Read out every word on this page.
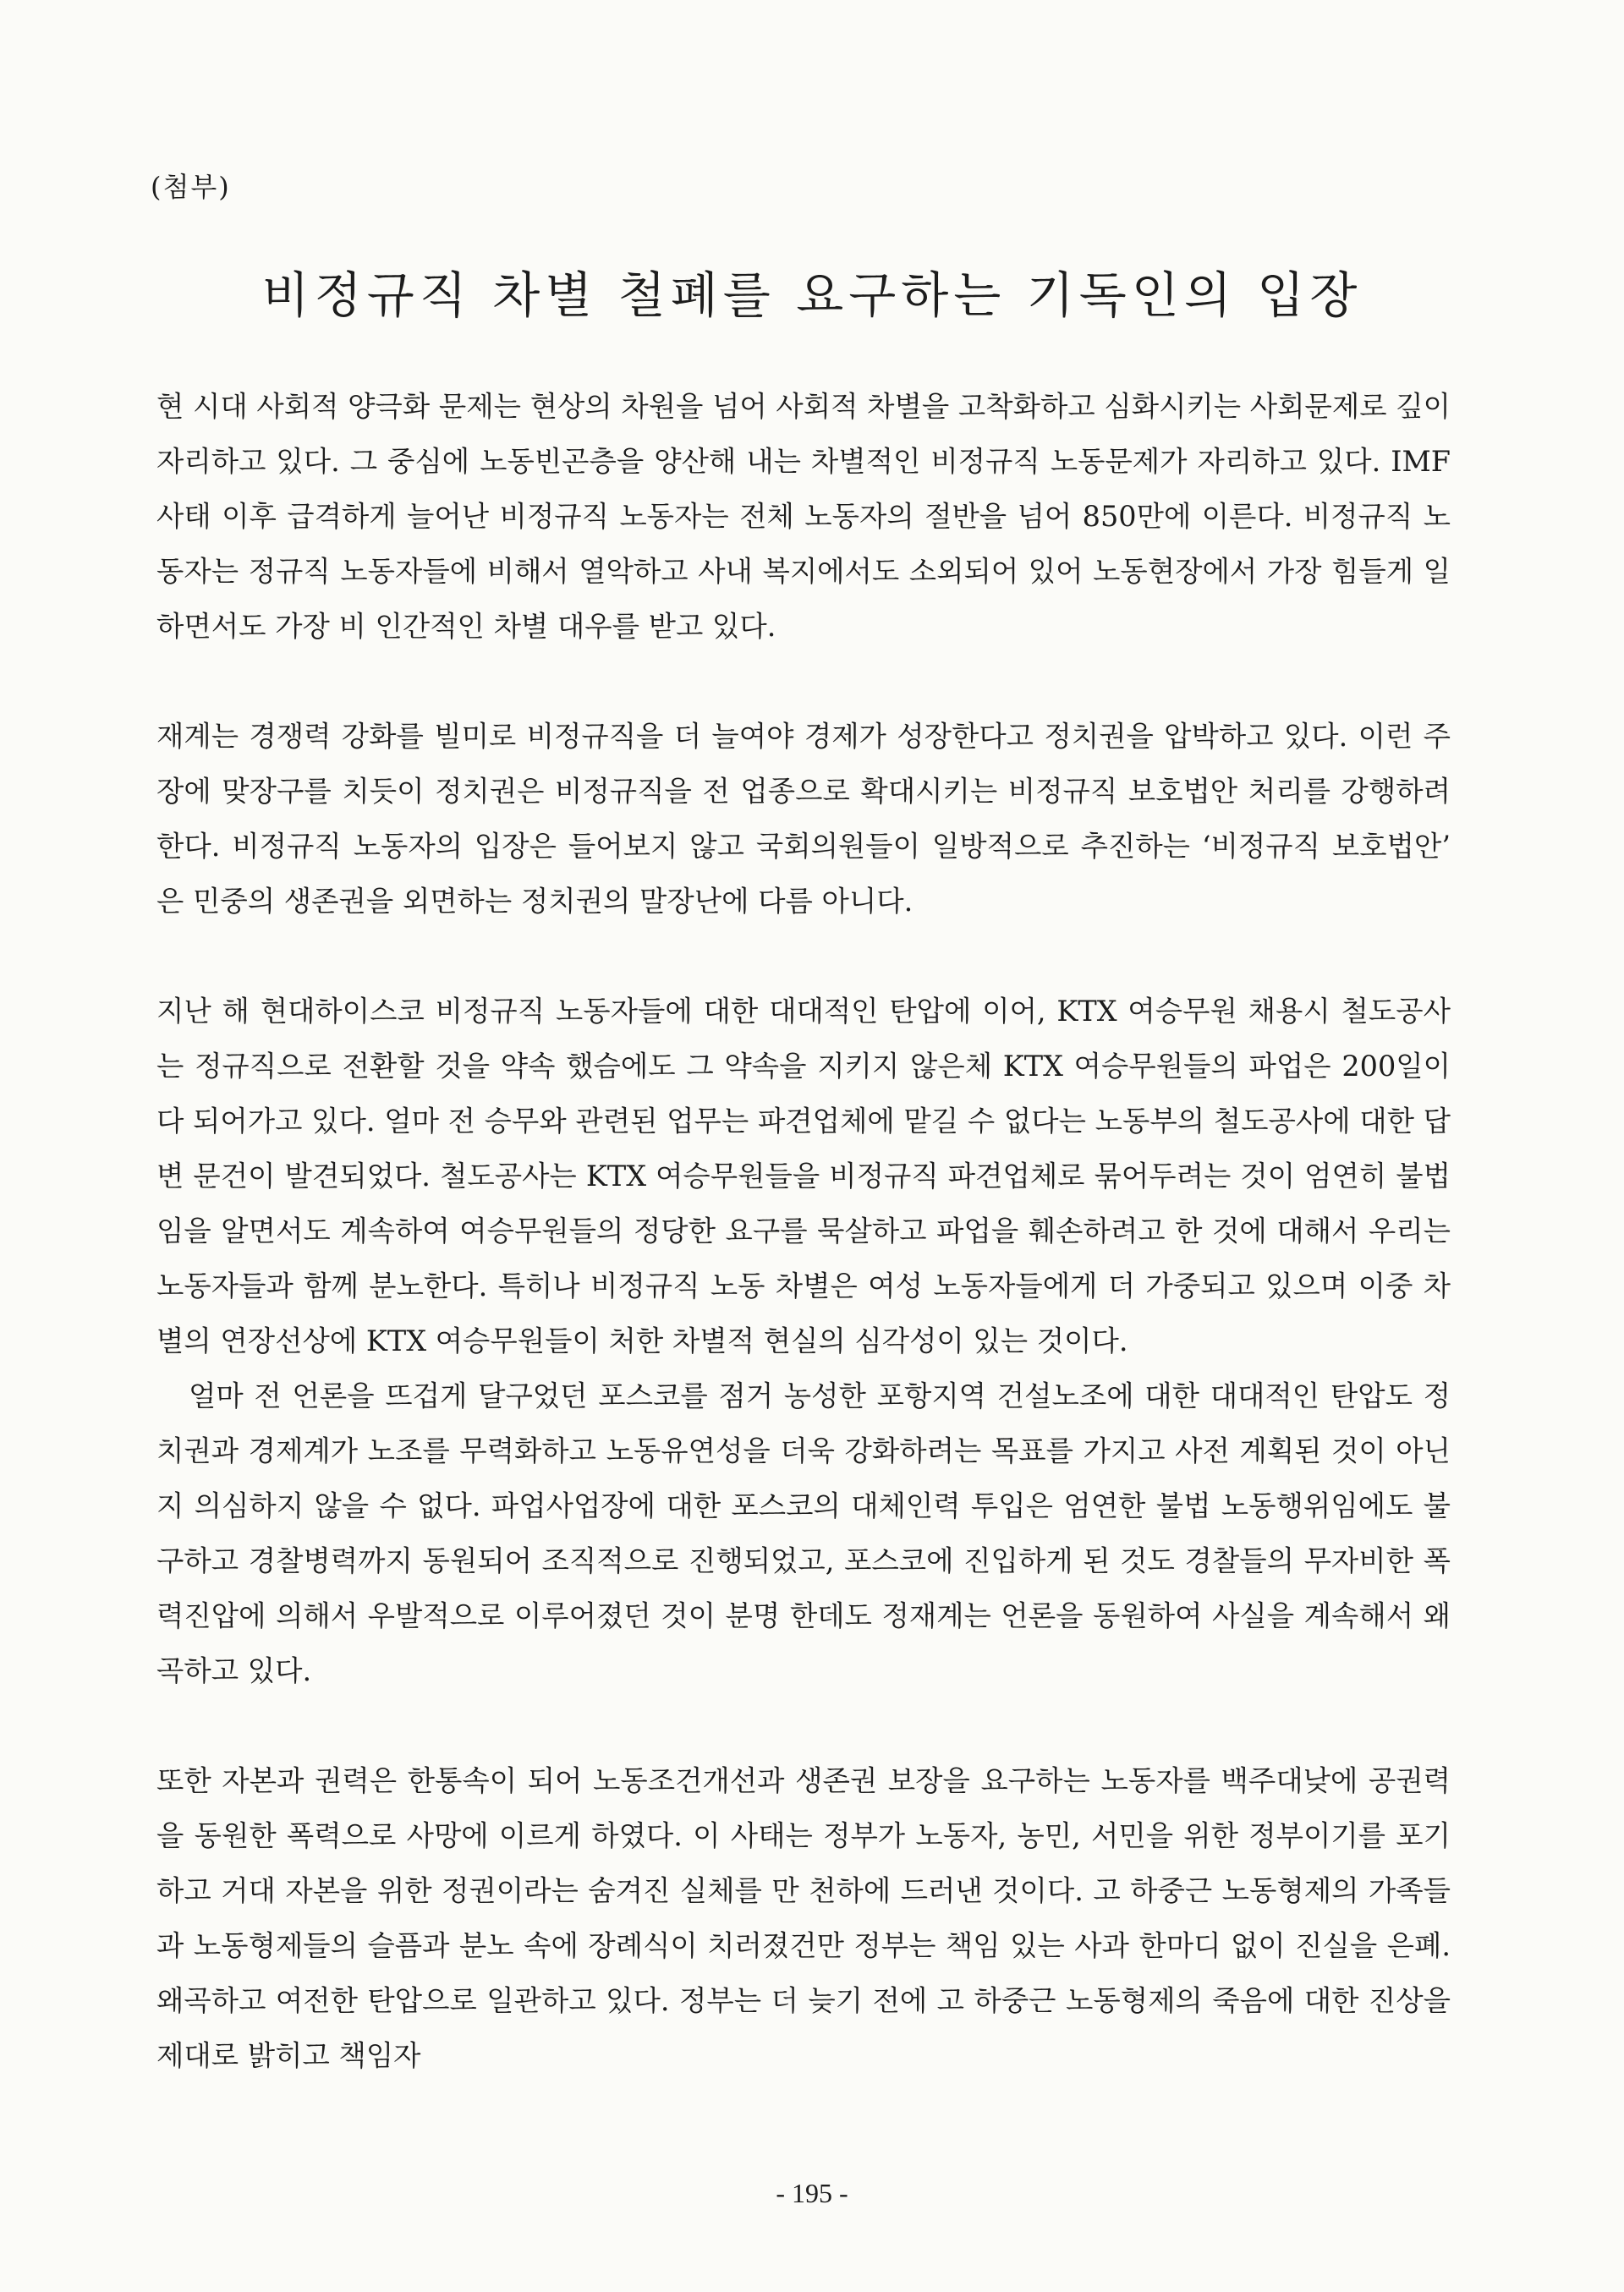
(첨부)
비정규직 차별 철폐를 요구하는 기독인의 입장

현 시대 사회적 양극화 문제는 현상의 차원을 넘어 사회적 차별을 고착화하고 심화시키는 사회문제로 깊이 자리하고 있다. 그 중심에 노동빈곤층을 양산해 내는 차별적인 비정규직 노동문제가 자리하고 있다. IMF 사태 이후 급격하게 늘어난 비정규직 노동자는 전체 노동자의 절반을 넘어 850만에 이른다. 비정규직 노동자는 정규직 노동자들에 비해서 열악하고 사내 복지에서도 소외되어 있어 노동현장에서 가장 힘들게 일하면서도 가장 비 인간적인 차별 대우를 받고 있다.

재계는 경쟁력 강화를 빌미로 비정규직을 더 늘여야 경제가 성장한다고 정치권을 압박하고 있다. 이런 주장에 맞장구를 치듯이 정치권은 비정규직을 전 업종으로 확대시키는 비정규직 보호법안 처리를 강행하려 한다. 비정규직 노동자의 입장은 들어보지 않고 국회의원들이 일방적으로 추진하는 ‘비정규직 보호법안’ 은 민중의 생존권을 외면하는 정치권의 말장난에 다름 아니다.

지난 해 현대하이스코 비정규직 노동자들에 대한 대대적인 탄압에 이어, KTX 여승무원 채용시 철도공사는 정규직으로 전환할 것을 약속 했슴에도 그 약속을 지키지 않은체 KTX 여승무원들의 파업은 200일이 다 되어가고 있다. 얼마 전 승무와 관련된 업무는 파견업체에 맡길 수 없다는 노동부의 철도공사에 대한 답변 문건이 발견되었다. 철도공사는 KTX 여승무원들을 비정규직 파견업체로 묶어두려는 것이 엄연히 불법임을 알면서도 계속하여 여승무원들의 정당한 요구를 묵살하고 파업을 훼손하려고 한 것에 대해서 우리는 노동자들과 함께 분노한다. 특히나 비정규직 노동 차별은 여성 노동자들에게 더 가중되고 있으며 이중 차별의 연장선상에 KTX 여승무원들이 처한 차별적 현실의 심각성이 있는 것이다.

얼마 전 언론을 뜨겁게 달구었던 포스코를 점거 농성한 포항지역 건설노조에 대한 대대적인 탄압도 정치권과 경제계가 노조를 무력화하고 노동유연성을 더욱 강화하려는 목표를 가지고 사전 계획된 것이 아닌지 의심하지 않을 수 없다. 파업사업장에 대한 포스코의 대체인력 투입은 엄연한 불법 노동행위임에도 불구하고 경찰병력까지 동원되어 조직적으로 진행되었고, 포스코에 진입하게 된 것도 경찰들의 무자비한 폭력진압에 의해서 우발적으로 이루어졌던 것이 분명 한데도 정재계는 언론을 동원하여 사실을 계속해서 왜곡하고 있다.

또한 자본과 권력은 한통속이 되어 노동조건개선과 생존권 보장을 요구하는 노동자를 백주대낮에 공권력을 동원한 폭력으로 사망에 이르게 하였다. 이 사태는 정부가 노동자, 농민, 서민을 위한 정부이기를 포기하고 거대 자본을 위한 정권이라는 숨겨진 실체를 만 천하에 드러낸 것이다. 고 하중근 노동형제의 가족들과 노동형제들의 슬픔과 분노 속에 장례식이 치러졌건만 정부는 책임 있는 사과 한마디 없이 진실을 은폐. 왜곡하고 여전한 탄압으로 일관하고 있다. 정부는 더 늦기 전에 고 하중근 노동형제의 죽음에 대한 진상을 제대로 밝히고 책임자

- 195 -
